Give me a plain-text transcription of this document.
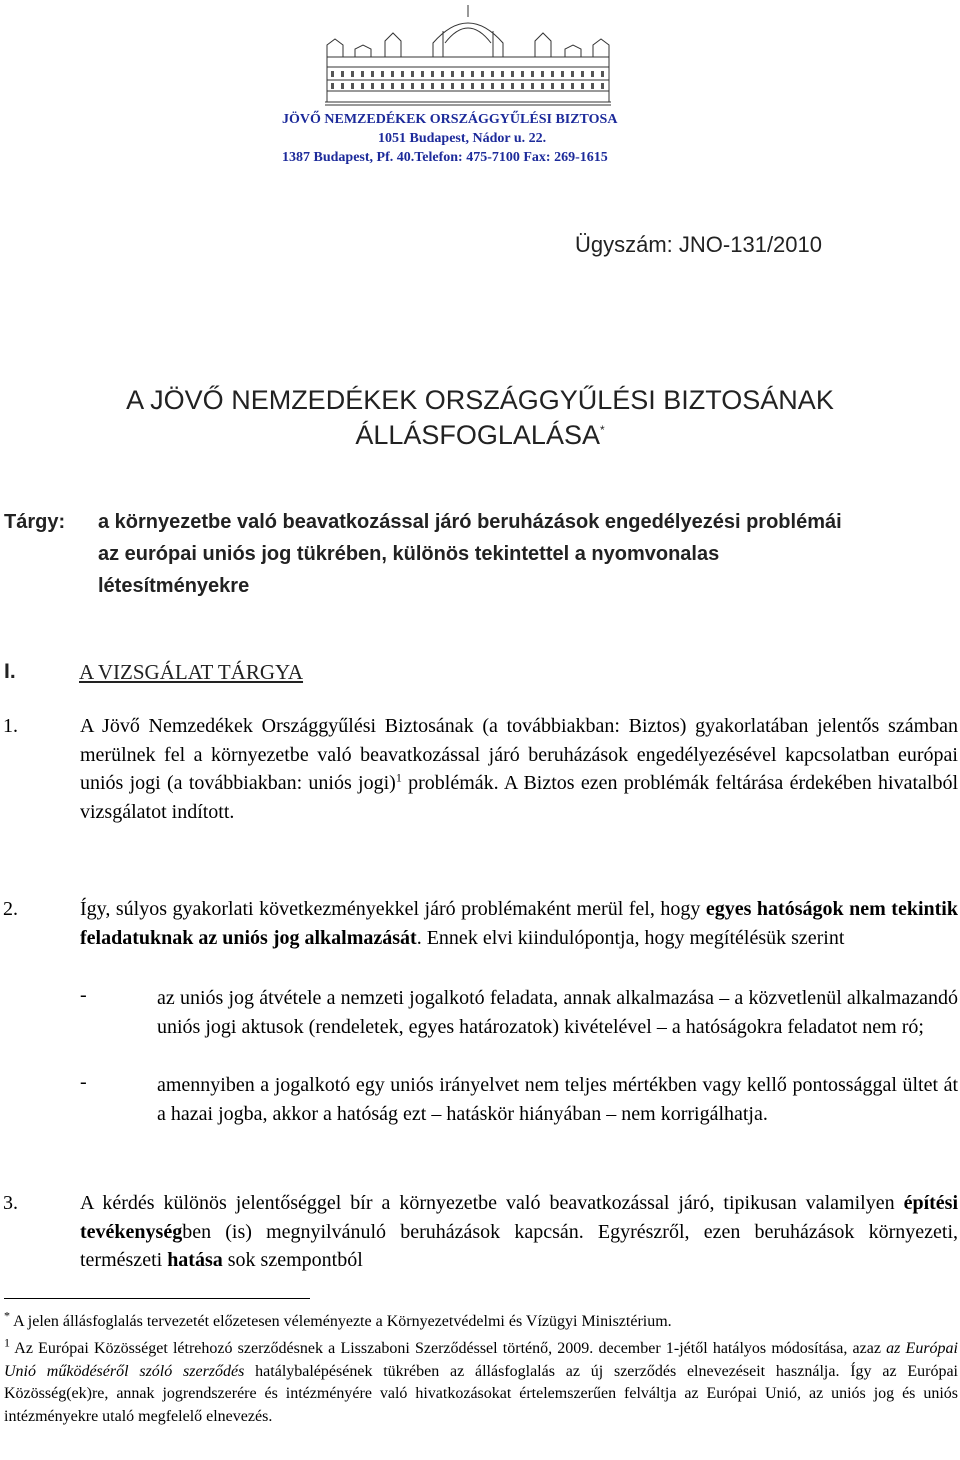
JÖVŐ NEMZEDÉKEK ORSZÁGGYŰLÉSI BIZTOSA
1051 Budapest, Nádor u. 22.
1387 Budapest, Pf. 40.Telefon: 475-7100 Fax: 269-1615
Ügyszám: JNO-131/2010
A JÖVŐ NEMZEDÉKEK ORSZÁGGYŰLÉSI BIZTOSÁNAK
ÁLLÁSFOGLALÁSA*
Tárgy: a környezetbe való beavatkozással járó beruházások engedélyezési problémái
az európai uniós jog tükrében, különös tekintettel a nyomvonalas
létesítményekre
I.	A VIZSGÁLAT TÁRGYA
1.	A Jövő Nemzedékek Országgyűlési Biztosának (a továbbiakban: Biztos) gyakorlatában jelentős számban merülnek fel a környezetbe való beavatkozással járó beruházások engedélyezésével kapcsolatban európai uniós jogi (a továbbiakban: uniós jogi)$^1$ problémák. A Biztos ezen problémák feltárása érdekében hivatalból vizsgálatot indított.

2.	Így, súlyos gyakorlati következményekkel járó problémaként merül fel, hogy egyes hatóságok nem tekintik feladatuknak az uniós jog alkalmazását. Ennek elvi kiindulópontja, hogy megítélésük szerint

-	az uniós jog átvétele a nemzeti jogalkotó feladata, annak alkalmazása – a közvetlenül alkalmazandó uniós jogi aktusok (rendeletek, egyes határozatok) kivételével – a hatóságokra feladatot nem ró;

-	amennyiben a jogalkotó egy uniós irányelvet nem teljes mértékben vagy kellő pontossággal ültet át a hazai jogba, akkor a hatóság ezt – hatáskör hiányában – nem korrigálhatja.

3.	A kérdés különös jelentőséggel bír a környezetbe való beavatkozással járó, tipikusan valamilyen építési tevékenységben (is) megnyilvánuló beruházások kapcsán. Egyrészről, ezen beruházások környezeti, természeti hatása sok szempontból

* A jelen állásfoglalás tervezetét előzetesen véleményezte a Környezetvédelmi és Vízügyi Minisztérium.

$^1$ Az Európai Közösséget létrehozó szerződésnek a Lisszaboni Szerződéssel történő, 2009. december 1-jétől hatályos módosítása, azaz az Európai Unió működéséről szóló szerződés hatálybalépésének tükrében az állásfoglalás az új szerződés elnevezéseit használja. Így az Európai Közösség(ek)re, annak jogrendszerére és intézményére való hivatkozásokat értelemszerűen felváltja az Európai Unió, az uniós jog és uniós intézményekre utaló megfelelő elnevezés.
